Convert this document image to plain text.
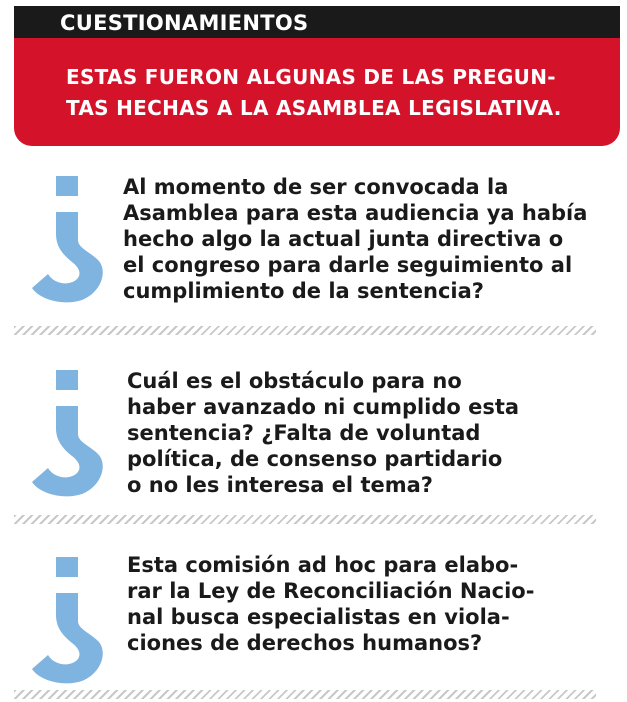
CUESTIONAMIENTOS
ESTAS FUERON ALGUNAS DE LAS PREGUN-
TAS HECHAS A LA ASAMBLEA LEGISLATIVA.
Al momento de ser convocada la
Asamblea para esta audiencia ya había
hecho algo la actual junta directiva o
el congreso para darle seguimiento al
cumplimiento de la sentencia?
Cuál es el obstáculo para no
haber avanzado ni cumplido esta
sentencia? ¿Falta de voluntad
política, de consenso partidario
o no les interesa el tema?
Esta comisión ad hoc para elabo-
rar la Ley de Reconciliación Nacio-
nal busca especialistas en viola-
ciones de derechos humanos?
